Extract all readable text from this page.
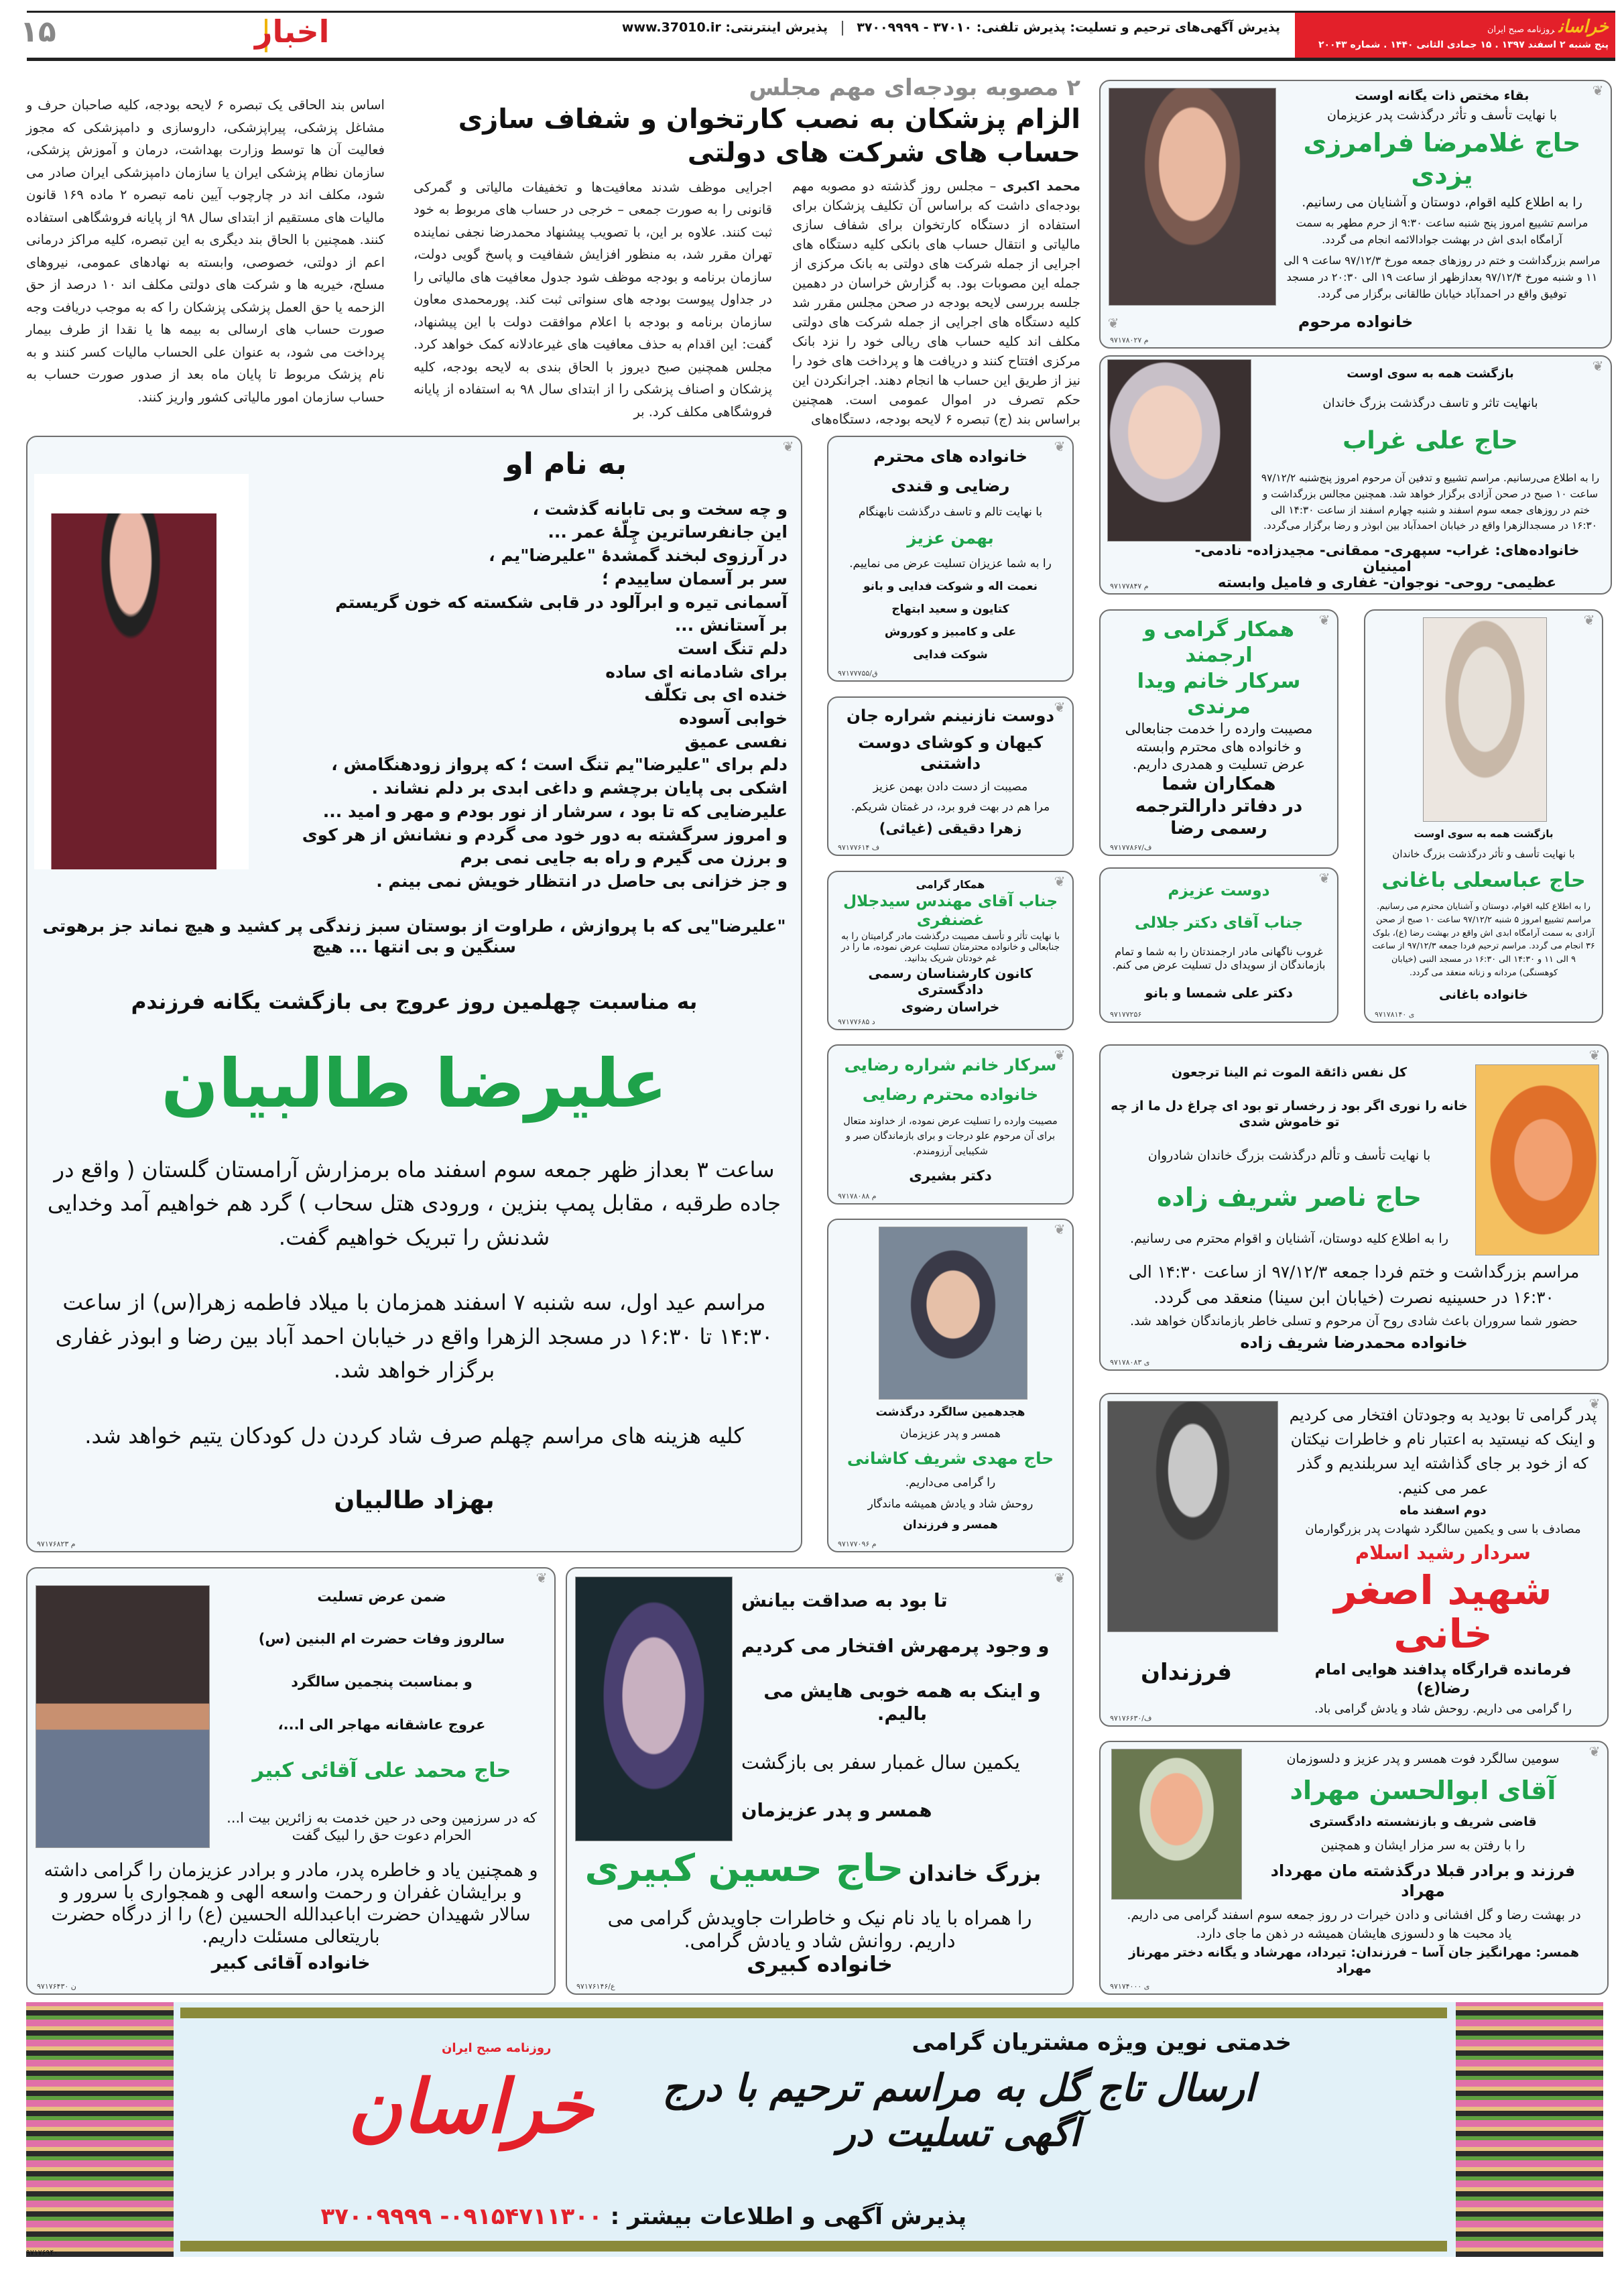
خراسانروزنامه صبح ایران
پنج شنبه ۲ اسفند ۱۳۹۷ . ۱۵ جمادی الثانی ۱۴۴۰ . شماره ۲۰۰۴۳
پذیرش آگهی‌های ترحیم و تسلیت: پذیرش تلفنی: ۳۷۰۱۰ - ۳۷۰۰۹۹۹۹  پذیرش اینترنتی: www.37010.ir
اخبار
۱۵
۲ مصوبه بودجه‌ای مهم مجلس
الزام پزشکان به نصب کارتخوان و شفاف سازی حساب های شرکت های دولتی
محمد اکبری – مجلس روز گذشته دو مصوبه مهم بودجه‌ای داشت که براساس آن تکلیف پزشکان برای استفاده از دستگاه کارتخوان برای شفاف سازی مالیاتی و انتقال حساب های بانکی کلیه دستگاه های اجرایی از جمله شرکت های دولتی به بانک مرکزی از جمله این مصوبات بود. به گزارش خراسان در دهمین جلسه بررسی لایحه بودجه در صحن مجلس مقرر شد کلیه دستگاه های اجرایی از جمله شرکت های دولتی مکلف اند کلیه حساب های ریالی خود را نزد بانک مرکزی افتتاح کنند و دریافت ها و پرداخت های خود را نیز از طریق این حساب ها انجام دهند. اجرانکردن این حکم تصرف در اموال عمومی است. همچنین براساس بند (ج) تبصره ۶ لایحه بودجه، دستگاه‌های
اجرایی موظف شدند معافیت‌ها و تخفیفات مالیاتی و گمرکی قانونی را به صورت جمعی – خرجی در حساب های مربوط به خود ثبت کنند. علاوه بر این، با تصویب پیشنهاد محمدرضا نجفی نماینده تهران مقرر شد، به منظور افزایش شفافیت و پاسخ گویی دولت، سازمان برنامه و بودجه موظف شود جدول معافیت های مالیاتی را در جداول پیوست بودجه های سنواتی ثبت کند. پورمحمدی معاون سازمان برنامه و بودجه با اعلام موافقت دولت با این پیشنهاد، گفت: این اقدام به حذف معافیت های غیرعادلانه کمک خواهد کرد. مجلس همچنین صبح دیروز با الحاق بندی به لایحه بودجه، کلیه پزشکان و اصناف پزشکی را از ابتدای سال ۹۸ به استفاده از پایانه فروشگاهی مکلف کرد. بر
اساس بند الحاقی یک تبصره ۶ لایحه بودجه، کلیه صاحبان حرف و مشاغل پزشکی، پیراپزشکی، داروسازی و دامپزشکی که مجوز فعالیت آن ها توسط وزارت بهداشت، درمان و آموزش پزشکی، سازمان نظام پزشکی ایران یا سازمان دامپزشکی ایران صادر می شود، مکلف اند در چارچوب آیین نامه تبصره ۲ ماده ۱۶۹ قانون مالیات های مستقیم از ابتدای سال ۹۸ از پایانه فروشگاهی استفاده کنند. همچنین با الحاق بند دیگری به این تبصره، کلیه مراکز درمانی اعم از دولتی، خصوصی، وابسته به نهادهای عمومی، نیروهای مسلح، خیریه ها و شرکت های دولتی مکلف اند ۱۰ درصد از حق الزحمه یا حق العمل پزشکی پزشکان را که به موجب دریافت وجه صورت حساب های ارسالی به بیمه ها یا نقدا از طرف بیمار پرداخت می شود، به عنوان علی الحساب مالیات کسر کنند و به نام پزشک مربوط تا پایان ماه بعد از صدور صورت حساب به حساب سازمان امور مالیاتی کشور واریز کنند.
بقاء مختص ذات یگانه اوست
با نهایت تأسف و تأثر درگذشت پدر عزیزمان
حاج غلامرضا فرامرزی یزدی
را به اطلاع کلیه اقوام، دوستان و آشنایان می رسانیم.
مراسم تشییع امروز پنج شنبه ساعت ۹:۳۰ از حرم مطهر به سمت آرامگاه ابدی اش در بهشت جوادالائمه انجام می گردد.
مراسم بزرگداشت و ختم در روزهای جمعه مورخ ۹۷/۱۲/۳ ساعت ۹ الی ۱۱ و شنبه مورخ ۹۷/۱۲/۴ بعدازظهر از ساعت ۱۹ الی ۲۰:۳۰ در مسجد توفیق واقع در احمدآباد خیابان طالقانی برگزار می گردد.
خانواده مرحوم
❦
❦
۹۷۱۷۸۰۲۷ م
بازگشت همه به سوی اوست
بانهایت تاثر و تاسف درگذشت بزرگ خاندان
حاج علی غراب
را به اطلاع می‌رسانیم. مراسم تشییع و تدفین آن مرحوم امروز پنج‌شنبه ۹۷/۱۲/۲ ساعت ۱۰ صبح در صحن آزادی برگزار خواهد شد. همچنین مجالس بزرگداشت و ختم در روزهای جمعه سوم اسفند و شنبه چهارم اسفند از ساعت ۱۴:۳۰ الی ۱۶:۳۰ در مسجدالزهرا واقع در خیابان احمدآباد بین ابوذر و رضا برگزار می‌گردد.
خانواده‌های: غراب- سپهری- ممقانی- مجیدزاده- نادمی- امینیان
عظیمی- روحی- نوجوان- غفاری و فامیل وابسته
❦
۹۷۱۷۷۸۴۷ م
همکار گرامی و ارجمند
سرکار خانم ویدا مرندی
مصیبت وارده را خدمت جنابعالی
و خانواده های محترم وابسته
عرض تسلیت و همدری داریم.
همکاران شما
در دفاتر دارالترجمه رسمی رضا
❦
۹۷۱۷۷۸۶۷/ف
دوست عزیزم
جناب آقای دکتر جلالی
غروب ناگهانی مادر ارجمندتان را به شما و تمام بازماندگان از سویدای دل تسلیت عرض می کنم.
دکتر علی شمسا و بانو
❦
۹۷۱۷۷۲۵۶
بازگشت همه به سوی اوست
با نهایت تأسف و تأثر درگذشت بزرگ خاندان
حاج عباسعلی باغانی
را به اطلاع کلیه اقوام، دوستان و آشنایان محترم می رسانیم. مراسم تشییع امروز ۵ شنبه ۹۷/۱۲/۲ ساعت ۱۰ صبح از صحن آزادی به سمت آرامگاه ابدی اش واقع در بهشت رضا (ع)، بلوک ۳۶ انجام می گردد. مراسم ترحیم فردا جمعه ۹۷/۱۲/۳ از ساعت ۹ الی ۱۱ و ۱۴:۳۰ الی ۱۶:۳۰ در مسجد النبی (خیابان کوهسنگی) مردانه و زنانه منعقد می گردد.
خانواده باغانی
❦
۹۷۱۷۸۱۴۰ ی
کل نفس ذائقة الموت ثم الینا ترجعون
خانه را نوری اگر بود ز رخسار تو بود ای چراغ دل ما از چه تو خاموش شدی
با نهایت تأسف و تألم درگذشت بزرگ خاندان شادروان
حاج ناصر شریف زاده
را به اطلاع کلیه دوستان، آشنایان و اقوام محترم می رسانیم.
مراسم بزرگداشت و ختم فردا جمعه ۹۷/۱۲/۳ از ساعت ۱۴:۳۰ الی ۱۶:۳۰ در حسینیه نصرت (خیابان ابن سینا) منعقد می گردد.
حضور شما سروران باعث شادی روح آن مرحوم و تسلی خاطر بازماندگان خواهد شد.
خانواده محمدرضا شریف زاده
❦
۹۷۱۷۸۰۸۳ ی
پدر گرامی تا بودید به وجودتان افتخار می کردیم و اینک که نیستید به اعتبار نام و خاطرات نیکتان که از خود بر جای گذاشته اید سربلندیم و گذر عمر می کنیم.
دوم اسفند ماه
مصادف با سی و یکمین سالگرد شهادت پدر بزرگوارمان
سردار رشید اسلام
شهید اصغر خانی
فرمانده قرارگاه پدافند هوایی امام رضا(ع)
را گرامی می داریم. روحش شاد و یادش گرامی باد.
فرزندان
❦
۹۷۱۷۶۶۳۰/ف
سومین سالگرد فوت همسر و پدر عزیز و دلسوزمان
آقای ابوالحسن مهراد
قاضی شریف و بازنشسته دادگستری
را با رفتن به سر مزار ایشان و همچنین
فرزند و برادر قبلا درگذشته مان مهرداد مهراد
در بهشت رضا و گل افشانی و دادن خیرات در روز جمعه سوم اسفند گرامی می داریم.
یاد محبت ها و دلسوزی هایشان همیشه در ذهن ما جای دارد.
همسر: مهرانگیز جان آسا – فرزندان: تیرداد، مهرشاد و یگانه دختر مهرناز مهراد
❦
۹۷۱۷۴۰۰۰ ی
خانواده های محترم
رضایی و قندی
با نهایت تالم و تاسف درگذشت نابهنگام
بهمن عزیز
را به شما عزیزان تسلیت عرض می نماییم.
نعمت اله و شوکت فدایی و بانو
کتایون و سعید ابتهاج
علی و کامبیز و کوروش
شوکت فدایی
❦
۹۷۱۷۷۷۵۵/ق
دوست نازنینم شراره جان
کیهان و کوشای دوست داشتنی
مصیبت از دست دادن بهمن عزیز
مرا هم در بهت فرو برد، در غمتان شریکم.
زهرا دقیقی (غیاثی)
❦
۹۷۱۷۷۶۱۴ ف
همکار گرامی
جناب آقای مهندس سیدجلال غضنفری
با نهایت تأثر و تأسف مصیبت درگذشت مادر گرامیتان را به جنابعالی و خانواده محترمتان تسلیت عرض نموده، ما را در غم خودتان شریک بدانید.
کانون کارشناسان رسمی دادگستری
خراسان رضوی
❦
۹۷۱۷۷۶۸۵ د
سرکار خانم شراره رضایی
خانواده محترم رضایی
مصیبت وارده را تسلیت عرض نموده، از خداوند متعال برای آن مرحوم علو درجات و برای بازماندگان صبر و شکیبایی آرزومندم.
دکتر بشیری
❦
۹۷۱۷۸۰۸۸ م
هجدهمین سالگرد درگذشت
همسر و پدر عزیزمان
حاج مهدی شریف کاشانی
را گرامی می‌داریم.
روحش شاد و یادش همیشه ماندگار
همسر و فرزندان
❦
۹۷۱۷۷۰۹۶ م
به نام او
و چه سخت و بی تابانه گذشت ،
این جانفرساترین چِلّهٔ عمر ...
در آرزوی لبخند گمشدهٔ "علیرضا"یم ،
سر بر آسمان ساییدم ؛
آسمانی تیره و ابرآلود در قابی شکسته که خون گریستم
بر آستانش ...
دلم تنگ است
برای شادمانه ای ساده
خنده ای بی تکلّف
خوابی آسوده
نفسی عمیق
دلم برای "علیرضا"یم تنگ است ؛ که پرواز زودهنگامش ،
اشکی بی پایان برچشم و داغی ابدی بر دلم نشاند .
علیرضایی که تا بود ، سرشار از نور بودم و مهر و امید ...
و امروز سرگشته به دور خود می گردم و نشانش از هر کوی
و برزن می گیرم و راه به جایی نمی برم
و جز خزانی بی حاصل در انتظار خویش نمی بینم .
"علیرضا"یی که با پروازش ، طراوت از بوستان سبز زندگی پر کشید و هیچ نماند جز برهوتی سنگین و بی انتها ... هیچ
به مناسبت چهلمین روز عروج بی بازگشت یگانه فرزندم
علیرضا طالبیان
ساعت ۳ بعداز ظهر جمعه سوم اسفند ماه برمزارش آرامستان گلستان ( واقع در جاده طرقبه ، مقابل پمپ بنزین ، ورودی هتل سحاب ) گرد هم خواهیم آمد وخدایی شدنش را تبریک خواهیم گفت.
مراسم عید اول، سه شنبه ۷ اسفند همزمان با میلاد فاطمه زهرا(س) از ساعت ۱۴:۳۰ تا ۱۶:۳۰ در مسجد الزهرا واقع در خیابان احمد آباد بین رضا و ابوذر غفاری برگزار خواهد شد.
کلیه هزینه های مراسم چهلم صرف شاد کردن دل کودکان یتیم خواهد شد.
بهزاد طالبیان
❦
۹۷۱۷۶۸۲۳ م
ضمن عرض تسلیت
سالروز وفات حضرت ام البنین (س)
و بمناسبت پنجمین سالگرد
عروج عاشقانه مهاجر الی ا...،
حاج محمد علی آقائی کبیر
که در سرزمین وحی در حین خدمت به زائرین بیت ا... الحرام دعوت حق را لبیک گفت
و همچنین یاد و خاطره پدر، مادر و برادر عزیزمان را گرامی داشته و برایشان غفران و رحمت واسعه الهی و همجواری با سرور و سالار شهیدان حضرت اباعبدالله الحسین (ع) را از درگاه حضرت باریتعالی مسئلت داریم.
خانواده آقائی کبیر
❦
۹۷۱۷۶۴۳۰ ن
تا بود به صداقت بیانش
و وجود پرمهرش افتخار می کردیم
و اینک به همه خوبی هایش می بالیم.
یکمین سال غمبار سفر بی بازگشت
همسر و پدر عزیزمان
بزرگ خاندان حاج حسین کبیری
را همراه با یاد نام نیک و خاطرات جاویدش گرامی می داریم. روانش شاد و یادش گرامی.
خانواده کبیری
❦
۹۷۱۷۶۱۴۶/ع
خدمتی نوین ویژه مشتریان گرامی
ارسال تاج گل به مراسم ترحیم با درج آگهی تسلیت در
خراسان
روزنامه صبح ایران
پذیرش آگهی و اطلاعات بیشتر : ۰۹۱۵۴۷۱۱۳۰۰- ۳۷۰۰۹۹۹۹
۹۷۱۷۶۹۴۰
